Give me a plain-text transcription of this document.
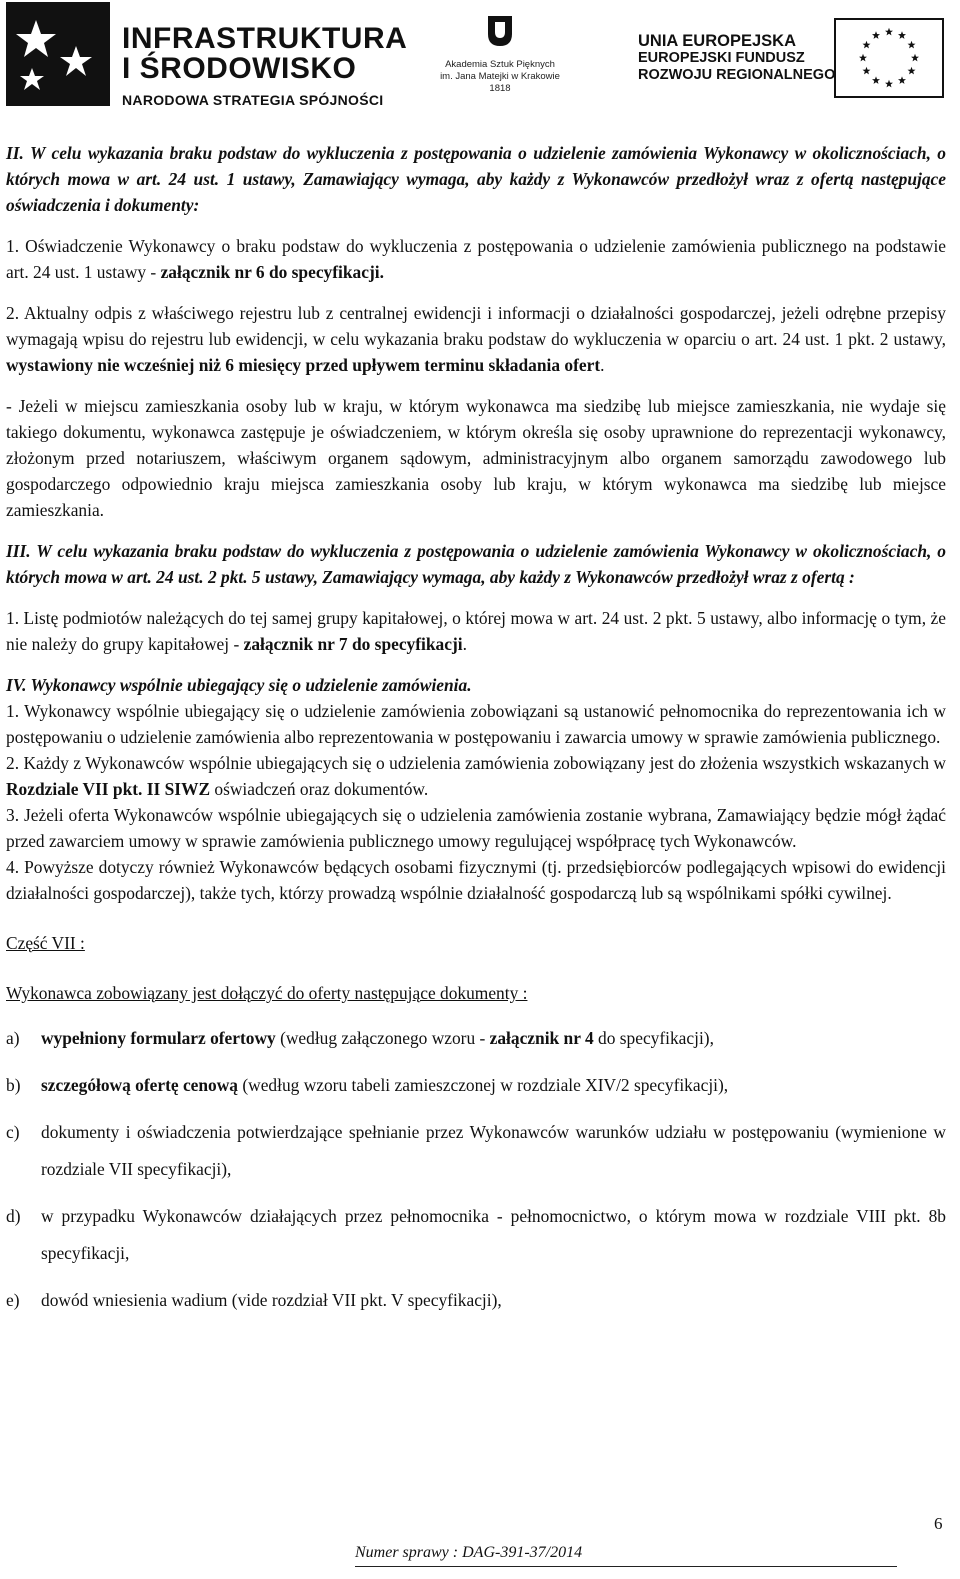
INFRASTRUKTURA
I ŚRODOWISKO
NARODOWA STRATEGIA SPÓJNOŚCI
Akademia Sztuk Pięknych
im. Jana Matejki w Krakowie
1818
UNIA EUROPEJSKA
EUROPEJSKI FUNDUSZ
ROZWOJU REGIONALNEGO

II. W celu wykazania braku podstaw do wykluczenia z postępowania o udzielenie zamówienia Wykonawcy w okolicznościach, o których mowa w art. 24 ust. 1 ustawy, Zamawiający wymaga, aby każdy z Wykonawców przedłożył wraz z ofertą następujące oświadczenia i dokumenty:

1. Oświadczenie Wykonawcy o braku podstaw do wykluczenia z postępowania o udzielenie zamówienia publicznego na podstawie art. 24 ust. 1 ustawy - załącznik nr 6 do specyfikacji.

2. Aktualny odpis z właściwego rejestru lub z centralnej ewidencji i informacji o działalności gospodarczej, jeżeli odrębne przepisy wymagają wpisu do rejestru lub ewidencji, w celu wykazania braku podstaw do wykluczenia w oparciu o art. 24 ust. 1 pkt. 2 ustawy, wystawiony nie wcześniej niż 6 miesięcy przed upływem terminu składania ofert.

- Jeżeli w miejscu zamieszkania osoby lub w kraju, w którym wykonawca ma siedzibę lub miejsce zamieszkania, nie wydaje się takiego dokumentu, wykonawca zastępuje je oświadczeniem, w którym określa się osoby uprawnione do reprezentacji wykonawcy, złożonym przed notariuszem, właściwym organem sądowym, administracyjnym albo organem samorządu zawodowego lub gospodarczego odpowiednio kraju miejsca zamieszkania osoby lub kraju, w którym wykonawca ma siedzibę lub miejsce zamieszkania.

III. W celu wykazania braku podstaw do wykluczenia z postępowania o udzielenie zamówienia Wykonawcy w okolicznościach, o których mowa w art. 24 ust. 2 pkt. 5 ustawy, Zamawiający wymaga, aby każdy z Wykonawców przedłożył wraz z ofertą :

1. Listę podmiotów należących do tej samej grupy kapitałowej, o której mowa w art. 24 ust. 2 pkt. 5 ustawy, albo informację o tym, że nie należy do grupy kapitałowej - załącznik nr 7 do specyfikacji.

IV. Wykonawcy wspólnie ubiegający się o udzielenie zamówienia.

1. Wykonawcy wspólnie ubiegający się o udzielenie zamówienia zobowiązani są ustanowić pełnomocnika do reprezentowania ich w postępowaniu o udzielenie zamówienia albo reprezentowania w postępowaniu i zawarcia umowy w sprawie zamówienia publicznego.

2. Każdy z Wykonawców wspólnie ubiegających się o udzielenia zamówienia zobowiązany jest do złożenia wszystkich wskazanych w Rozdziale VII pkt. II SIWZ oświadczeń oraz dokumentów.

3. Jeżeli oferta Wykonawców wspólnie ubiegających się o udzielenia zamówienia zostanie wybrana, Zamawiający będzie mógł żądać przed zawarciem umowy w sprawie zamówienia publicznego umowy regulującej współpracę tych Wykonawców.

4. Powyższe dotyczy również Wykonawców będących osobami fizycznymi (tj. przedsiębiorców podlegających wpisowi do ewidencji działalności gospodarczej), także tych, którzy prowadzą wspólnie działalność gospodarczą lub są wspólnikami spółki cywilnej.

Część VII :

Wykonawca zobowiązany jest dołączyć do oferty następujące dokumenty :

a)	wypełniony formularz ofertowy (według załączonego wzoru - załącznik nr 4 do specyfikacji),
b)	szczegółową ofertę cenową (według wzoru tabeli zamieszczonej w rozdziale XIV/2 specyfikacji),
c)	dokumenty i oświadczenia potwierdzające spełnianie przez Wykonawców warunków udziału w postępowaniu (wymienione w rozdziale VII specyfikacji),
d)	w przypadku Wykonawców działających przez pełnomocnika - pełnomocnictwo, o którym mowa w rozdziale VIII pkt. 8b specyfikacji,
e)	dowód wniesienia wadium (vide rozdział VII pkt. V specyfikacji),
6
Numer sprawy : DAG-391-37/2014
